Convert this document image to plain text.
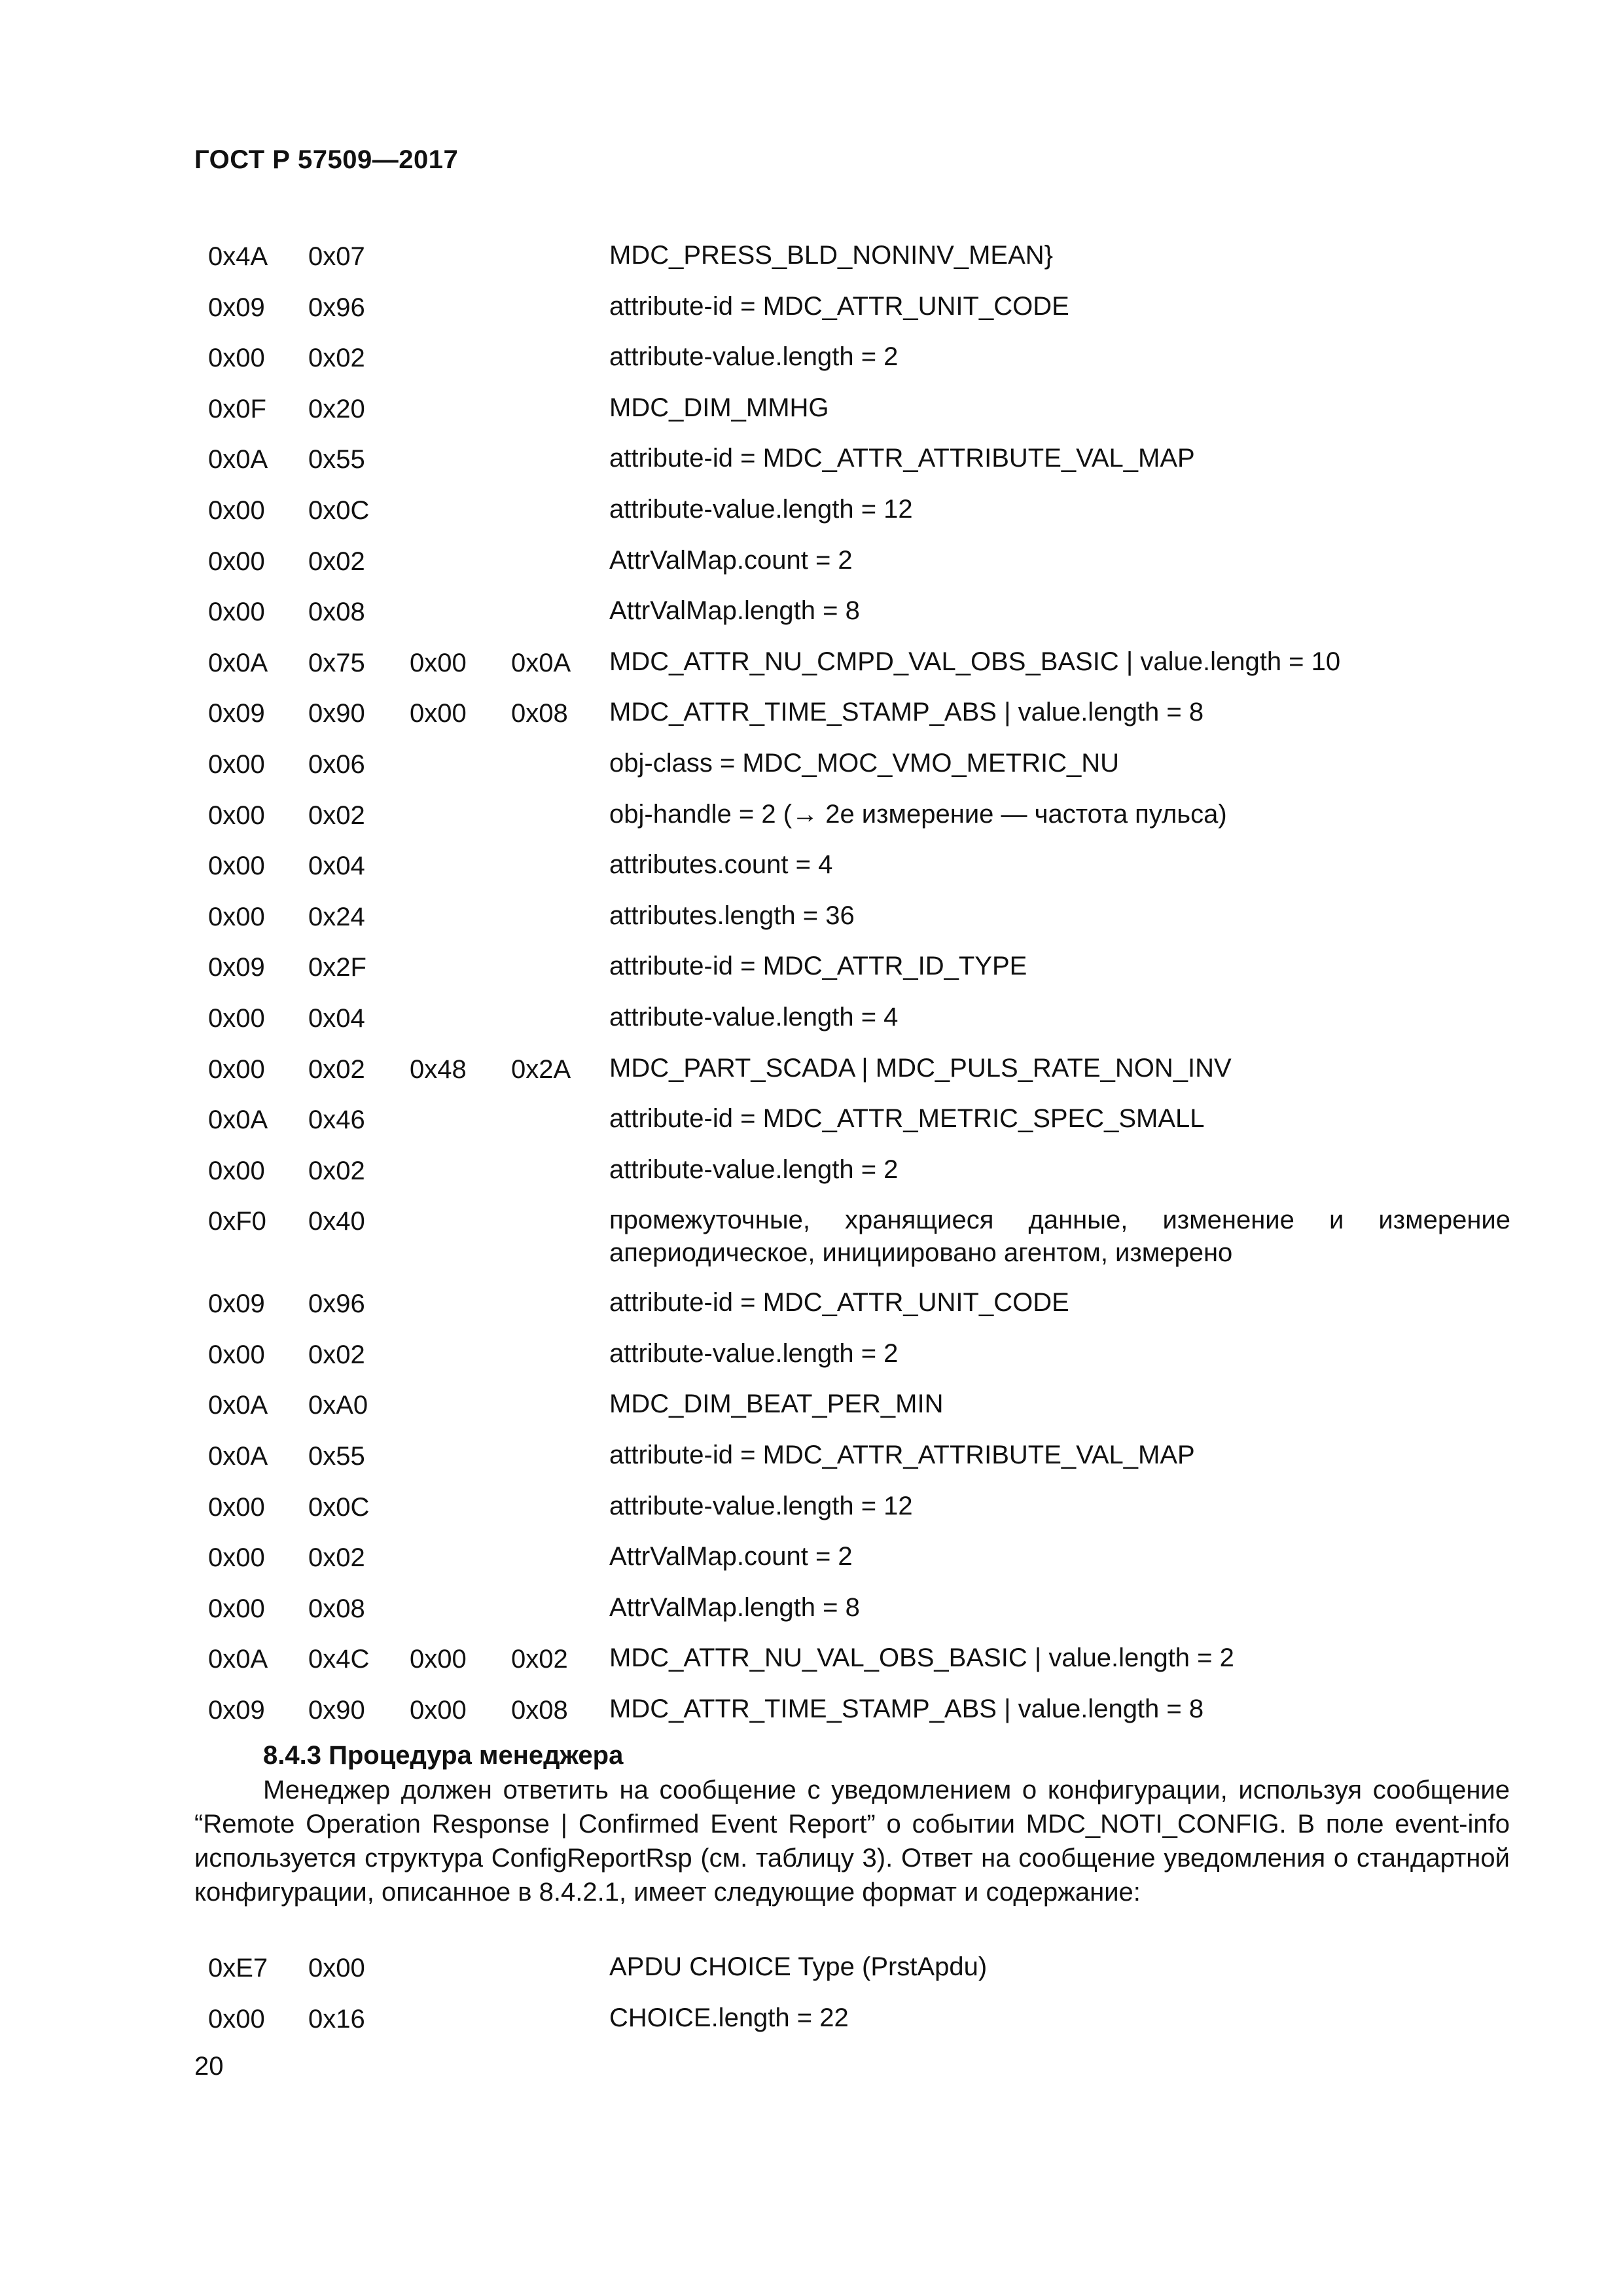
ГОСТ Р 57509—2017
0x4A	0x07	MDC_PRESS_BLD_NONINV_MEAN}
0x09	0x96	attribute-id = MDC_ATTR_UNIT_CODE
0x00	0x02	attribute-value.length = 2
0x0F	0x20	MDC_DIM_MMHG
0x0A	0x55	attribute-id = MDC_ATTR_ATTRIBUTE_VAL_MAP
0x00	0x0C	attribute-value.length = 12
0x00	0x02	AttrValMap.count = 2
0x00	0x08	AttrValMap.length = 8
0x0A	0x75	0x00	0x0A	MDC_ATTR_NU_CMPD_VAL_OBS_BASIC | value.length = 10
0x09	0x90	0x00	0x08	MDC_ATTR_TIME_STAMP_ABS | value.length = 8
0x00	0x06	obj-class = MDC_MOC_VMO_METRIC_NU
0x00	0x02	obj-handle = 2 (→ 2е измерение — частота пульса)
0x00	0x04	attributes.count = 4
0x00	0x24	attributes.length = 36
0x09	0x2F	attribute-id = MDC_ATTR_ID_TYPE
0x00	0x04	attribute-value.length = 4
0x00	0x02	0x48	0x2A	MDC_PART_SCADA | MDC_PULS_RATE_NON_INV
0x0A	0x46	attribute-id = MDC_ATTR_METRIC_SPEC_SMALL
0x00	0x02	attribute-value.length = 2
0xF0	0x40	промежуточные, хранящиеся данные, изменение и измерение апериодическое, инициировано агентом, измерено
0x09	0x96	attribute-id = MDC_ATTR_UNIT_CODE
0x00	0x02	attribute-value.length = 2
0x0A	0xA0	MDC_DIM_BEAT_PER_MIN
0x0A	0x55	attribute-id = MDC_ATTR_ATTRIBUTE_VAL_MAP
0x00	0x0C	attribute-value.length = 12
0x00	0x02	AttrValMap.count = 2
0x00	0x08	AttrValMap.length = 8
0x0A	0x4C	0x00	0x02	MDC_ATTR_NU_VAL_OBS_BASIC | value.length = 2
0x09	0x90	0x00	0x08	MDC_ATTR_TIME_STAMP_ABS | value.length = 8
8.4.3 Процедура менеджера
Менеджер должен ответить на сообщение с уведомлением о конфигурации, используя сообщение “Remote Operation Response | Confirmed Event Report” о событии MDC_NOTI_CONFIG. В поле event-info используется структура ConfigReportRsp (см. таблицу 3). Ответ на сообщение уведомления о стандартной конфигурации, описанное в 8.4.2.1, имеет следующие формат и содержание:
0xE7	0x00	APDU CHOICE Type (PrstApdu)
0x00	0x16	CHOICE.length = 22
20
